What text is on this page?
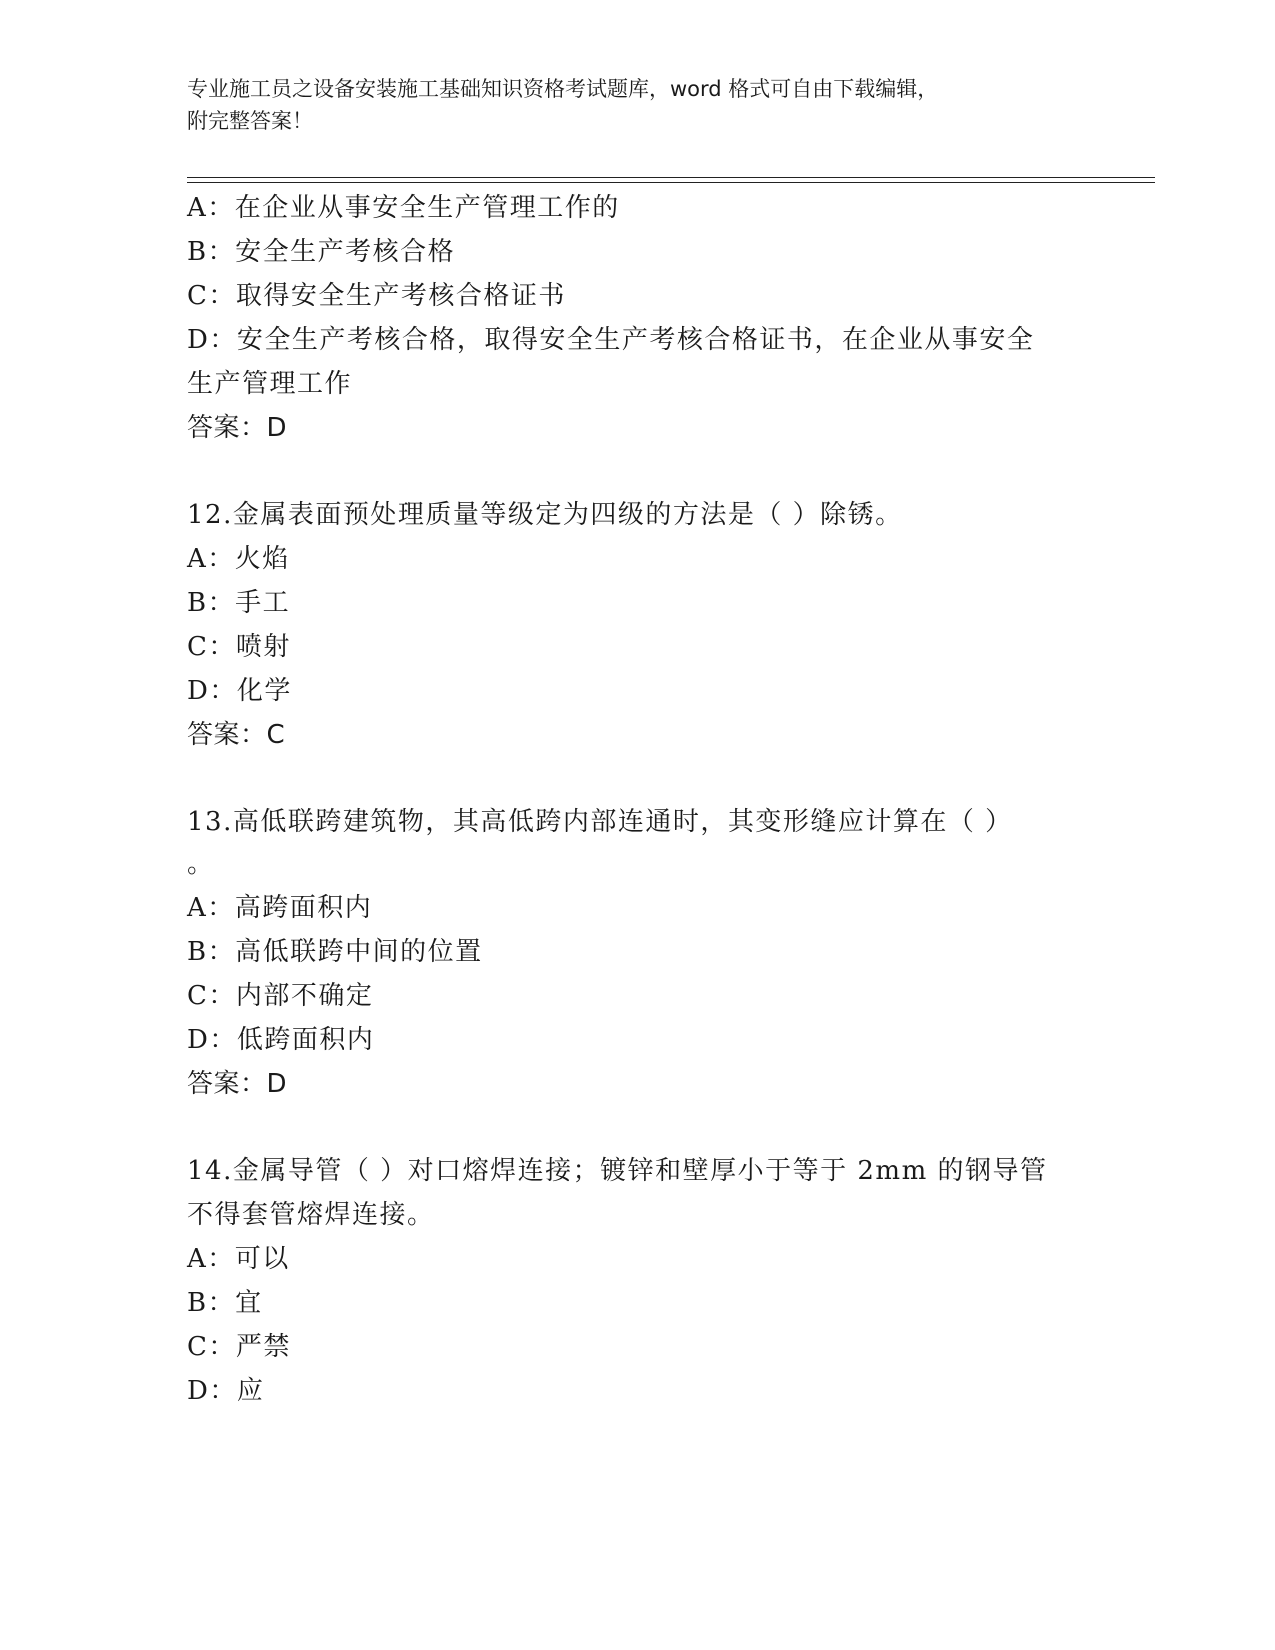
专业施工员之设备安装施工基础知识资格考试题库，word 格式可自由下载编辑，
附完整答案！
A：在企业从事安全生产管理工作的
B：安全生产考核合格
C：取得安全生产考核合格证书
D：安全生产考核合格，取得安全生产考核合格证书，在企业从事安全
生产管理工作
答案：D
12.金属表面预处理质量等级定为四级的方法是（ ）除锈。
A：火焰
B：手工
C：喷射
D：化学
答案：C
13.高低联跨建筑物，其高低跨内部连通时，其变形缝应计算在（ ）
。
A：高跨面积内
B：高低联跨中间的位置
C：内部不确定
D：低跨面积内
答案：D
14.金属导管（ ）对口熔焊连接；镀锌和壁厚小于等于 2mm 的钢导管
不得套管熔焊连接。
A：可以
B：宜
C：严禁
D：应
